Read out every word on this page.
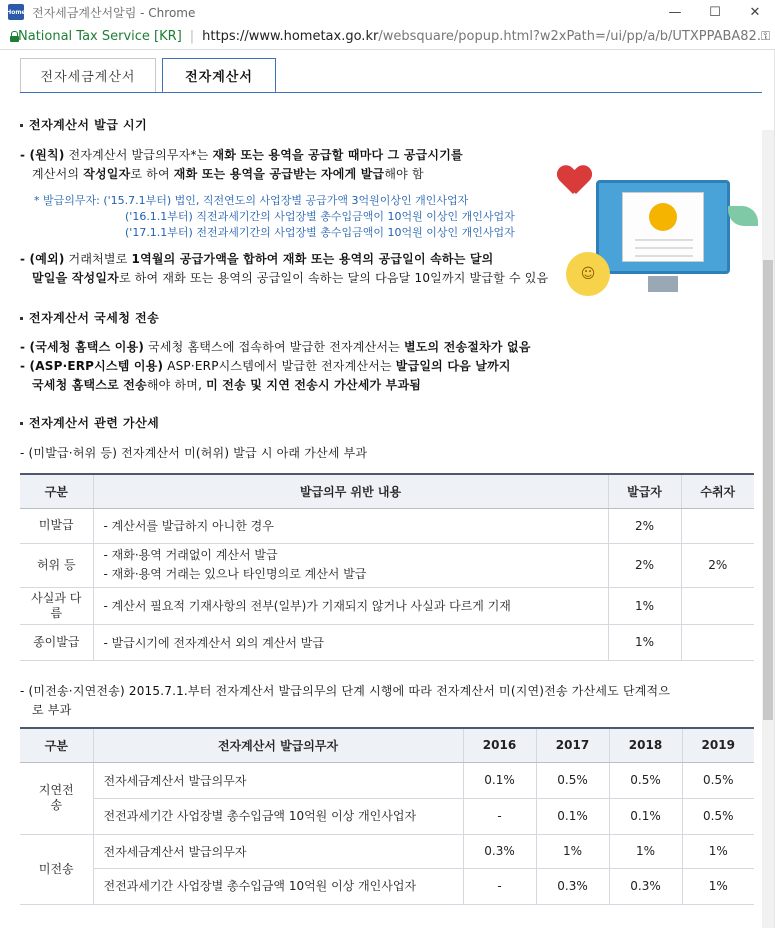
Home 전자세금계산서알림 - Chrome	—	☐	✕
National Tax Service [KR] | https://www.hometax.go.kr /websquare/popup.html?w2xPath=/ui/pp/a/b/UTXPPABA82. ⚿
전자세금계산서	전자계산서
전자계산서 발급 시기
- (원칙) 전자계산서 발급의무자*는 재화 또는 용역을 공급할 때마다 그 공급시기를
계산서의 작성일자로 하여 재화 또는 용역을 공급받는 자에게 발급해야 함
* 발급의무자: ('15.7.1부터) 법인, 직전연도의 사업장별 공급가액 3억원이상인 개인사업자
('16.1.1부터) 직전과세기간의 사업장별 총수입금액이 10억원 이상인 개인사업자
('17.1.1부터) 전전과세기간의 사업장별 총수입금액이 10억원 이상인 개인사업자
- (예외) 거래처별로 1역월의 공급가액을 합하여 재화 또는 용역의 공급일이 속하는 달의
말일을 작성일자로 하여 재화 또는 용역의 공급일이 속하는 달의 다음달 10일까지 발급할 수 있음	☺
전자계산서 국세청 전송
- (국세청 홈택스 이용) 국세청 홈택스에 접속하여 발급한 전자계산서는 별도의 전송절차가 없음
- (ASP·ERP시스템 이용) ASP·ERP시스템에서 발급한 전자계산서는 발급일의 다음 날까지
국세청 홈택스로 전송해야 하며, 미 전송 및 지연 전송시 가산세가 부과됨
전자계산서 관련 가산세
- (미발급·허위 등) 전자계산서 미(허위) 발급 시 아래 가산세 부과
구분	발급의무 위반 내용	발급자	수취자
미발급	- 계산서를 발급하지 아니한 경우	2%	
허위 등	- 재화·용역 거래없이 계산서 발급
- 재화·용역 거래는 있으나 타인명의로 계산서 발급	2%	2%
사실과 다름	- 계산서 필요적 기재사항의 전부(일부)가 기재되지 않거나 사실과 다르게 기재	1%	
종이발급	- 발급시기에 전자계산서 외의 계산서 발급	1%	
- (미전송·지연전송) 2015.7.1.부터 전자계산서 발급의무의 단계 시행에 따라 전자계산서 미(지연)전송 가산세도 단계적으
로 부과
구분	전자계산서 발급의무자	2016	2017	2018	2019
지연전송	전자세금계산서 발급의무자	0.1%	0.5%	0.5%	0.5%
	전전과세기간 사업장별 총수입금액 10억원 이상 개인사업자	-	0.1%	0.1%	0.5%
미전송	전자세금계산서 발급의무자	0.3%	1%	1%	1%
	전전과세기간 사업장별 총수입금액 10억원 이상 개인사업자	-	0.3%	0.3%	1%
